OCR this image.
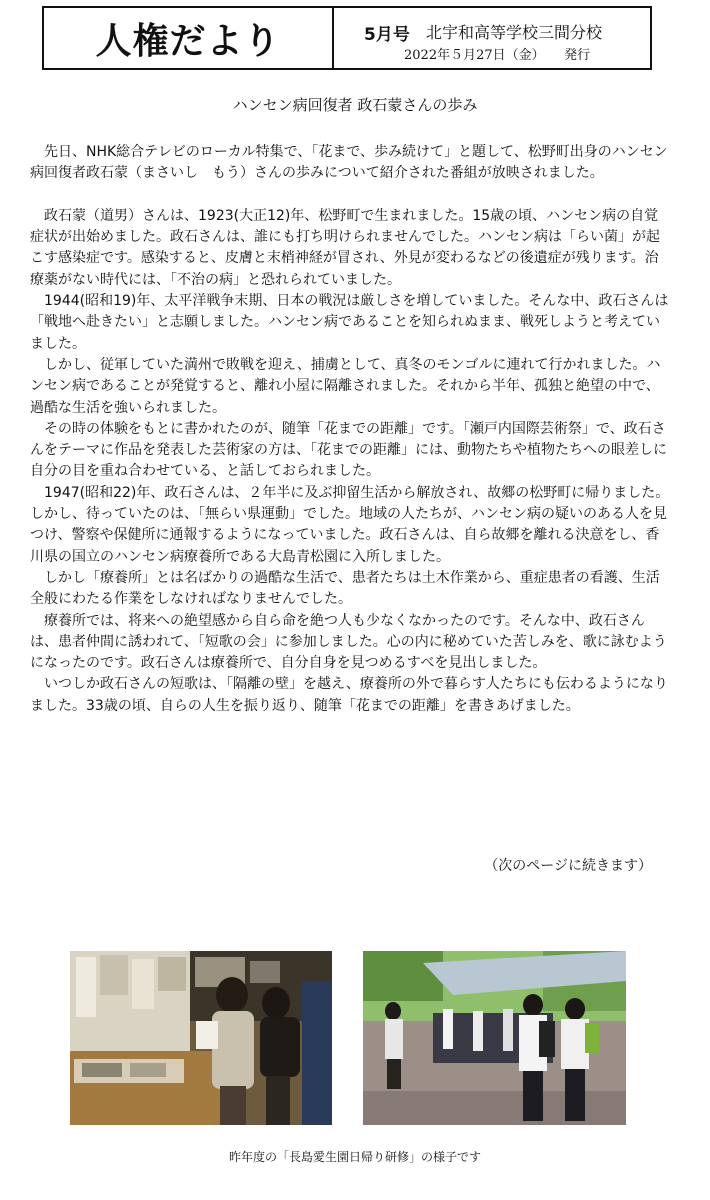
人権だより	5月号 北宇和高等学校三間分校
2022年５月27日（金）　　発行
ハンセン病回復者 政石蒙さんの歩み

先日、NHK総合テレビのローカル特集で、「花まで、歩み続けて」と題して、松野町出身のハンセン病回復者政石蒙（まさいし　もう）さんの歩みについて紹介された番組が放映されました。

政石蒙（道男）さんは、1923(大正12)年、松野町で生まれました。15歳の頃、ハンセン病の自覚症状が出始めました。政石さんは、誰にも打ち明けられませんでした。ハンセン病は「らい菌」が起こす感染症です。感染すると、皮膚と末梢神経が冒され、外見が変わるなどの後遺症が残ります。治療薬がない時代には、「不治の病」と恐れられていました。

1944(昭和19)年、太平洋戦争末期、日本の戦況は厳しさを増していました。そんな中、政石さんは「戦地へ赴きたい」と志願しました。ハンセン病であることを知られぬまま、戦死しようと考えていました。

しかし、従軍していた満州で敗戦を迎え、捕虜として、真冬のモンゴルに連れて行かれました。ハンセン病であることが発覚すると、離れ小屋に隔離されました。それから半年、孤独と絶望の中で、過酷な生活を強いられました。

その時の体験をもとに書かれたのが、随筆「花までの距離」です。「瀬戸内国際芸術祭」で、政石さんをテーマに作品を発表した芸術家の方は、「花までの距離」には、動物たちや植物たちへの眼差しに自分の目を重ね合わせている、と話しておられました。

1947(昭和22)年、政石さんは、２年半に及ぶ抑留生活から解放され、故郷の松野町に帰りました。しかし、待っていたのは、「無らい県運動」でした。地域の人たちが、ハンセン病の疑いのある人を見つけ、警察や保健所に通報するようになっていました。政石さんは、自ら故郷を離れる決意をし、香川県の国立のハンセン病療養所である大島青松園に入所しました。

しかし「療養所」とは名ばかりの過酷な生活で、患者たちは土木作業から、重症患者の看護、生活全般にわたる作業をしなければなりませんでした。

療養所では、将来への絶望感から自ら命を絶つ人も少なくなかったのです。そんな中、政石さんは、患者仲間に誘われて、「短歌の会」に参加しました。心の内に秘めていた苦しみを、歌に詠むようになったのです。政石さんは療養所で、自分自身を見つめるすべを見出しました。

いつしか政石さんの短歌は、「隔離の壁」を越え、療養所の外で暮らす人たちにも伝わるようになりました。33歳の頃、自らの人生を振り返り、随筆「花までの距離」を書きあげました。

（次のページに続きます）
昨年度の「長島愛生園日帰り研修」の様子です
